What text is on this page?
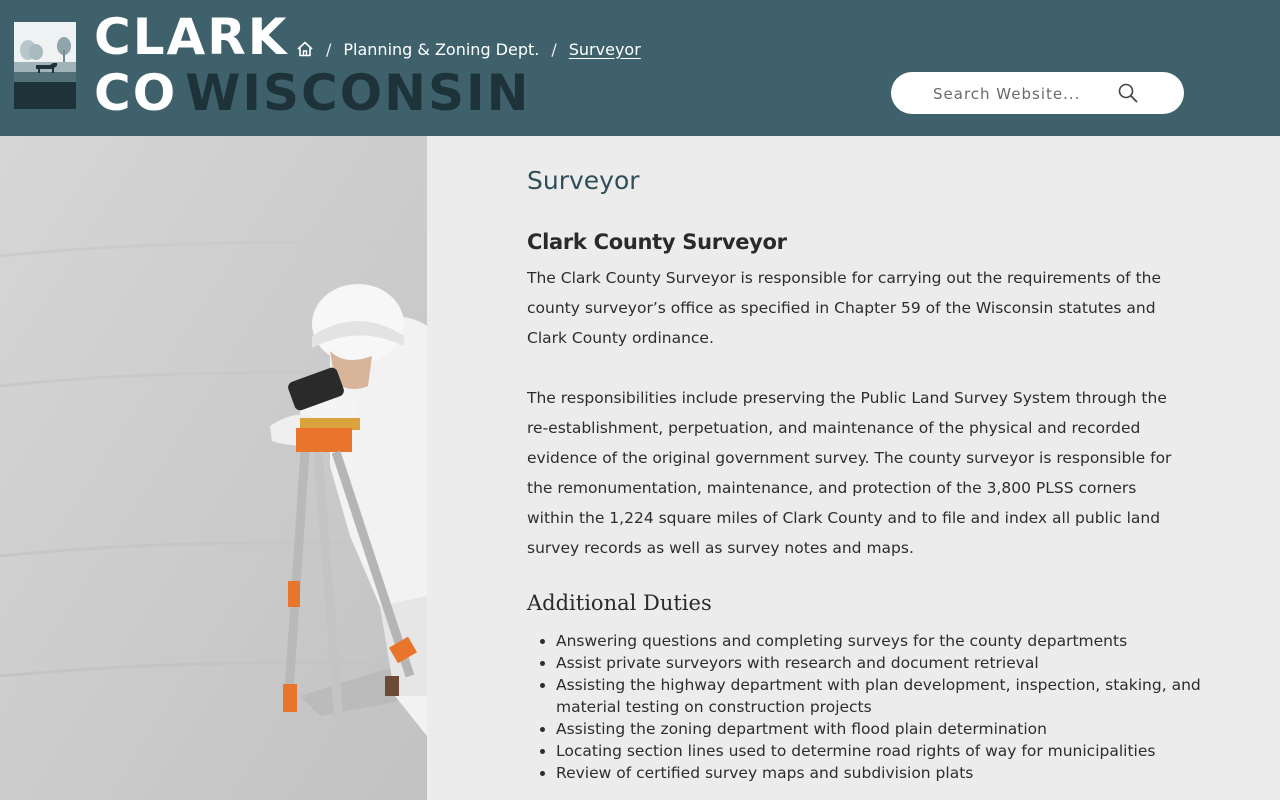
CLARK
CO WISCONSIN
/ Planning & Zoning Dept. / Surveyor
Search Website...
Surveyor
Clark County Surveyor

The Clark County Surveyor is responsible for carrying out the requirements of the county surveyor’s office as specified in Chapter 59 of the Wisconsin statutes and Clark County ordinance.

The responsibilities include preserving the Public Land Survey System through the re-establishment, perpetuation, and maintenance of the physical and recorded evidence of the original government survey. The county surveyor is responsible for the remonumentation, maintenance, and protection of the 3,800 PLSS corners within the 1,224 square miles of Clark County and to file and index all public land survey records as well as survey notes and maps.

Additional Duties
• Answering questions and completing surveys for the county departments
• Assist private surveyors with research and document retrieval
• Assisting the highway department with plan development, inspection, staking, and material testing on construction projects
• Assisting the zoning department with flood plain determination
• Locating section lines used to determine road rights of way for municipalities
• Review of certified survey maps and subdivision plats
